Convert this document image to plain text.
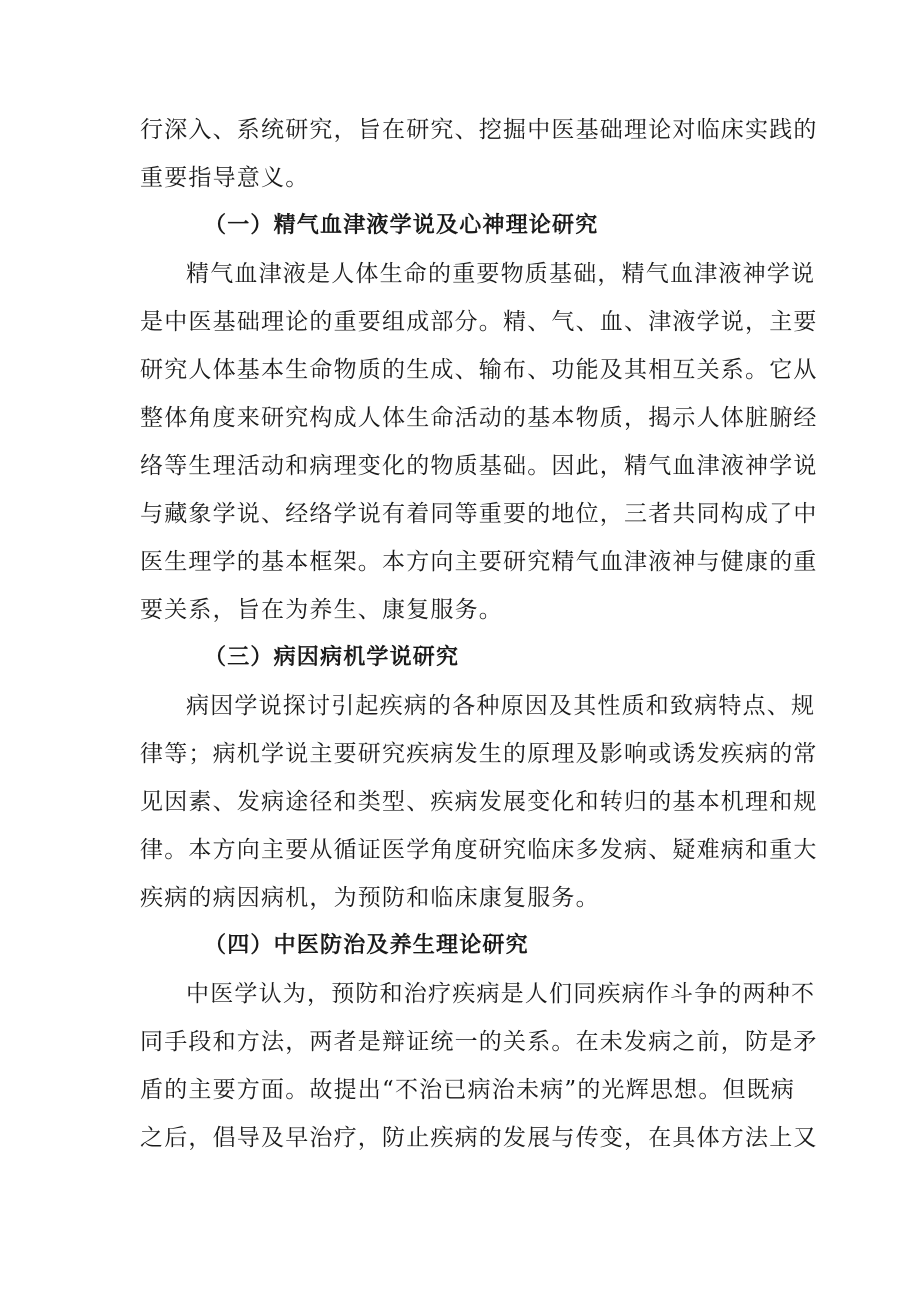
行深入、系统研究，旨在研究、挖掘中医基础理论对临床实践的
重要指导意义。
（一）精气血津液学说及心神理论研究
精气血津液是人体生命的重要物质基础，精气血津液神学说
是中医基础理论的重要组成部分。精、气、血、津液学说，主要
研究人体基本生命物质的生成、输布、功能及其相互关系。它从
整体角度来研究构成人体生命活动的基本物质，揭示人体脏腑经
络等生理活动和病理变化的物质基础。因此，精气血津液神学说
与藏象学说、经络学说有着同等重要的地位，三者共同构成了中
医生理学的基本框架。本方向主要研究精气血津液神与健康的重
要关系，旨在为养生、康复服务。
（三）病因病机学说研究
病因学说探讨引起疾病的各种原因及其性质和致病特点、规
律等；病机学说主要研究疾病发生的原理及影响或诱发疾病的常
见因素、发病途径和类型、疾病发展变化和转归的基本机理和规
律。本方向主要从循证医学角度研究临床多发病、疑难病和重大
疾病的病因病机，为预防和临床康复服务。
（四）中医防治及养生理论研究
中医学认为，预防和治疗疾病是人们同疾病作斗争的两种不
同手段和方法，两者是辩证统一的关系。在未发病之前，防是矛
盾的主要方面。故提出“不治已病治未病”的光辉思想。但既病
之后，倡导及早治疗，防止疾病的发展与传变，在具体方法上又
